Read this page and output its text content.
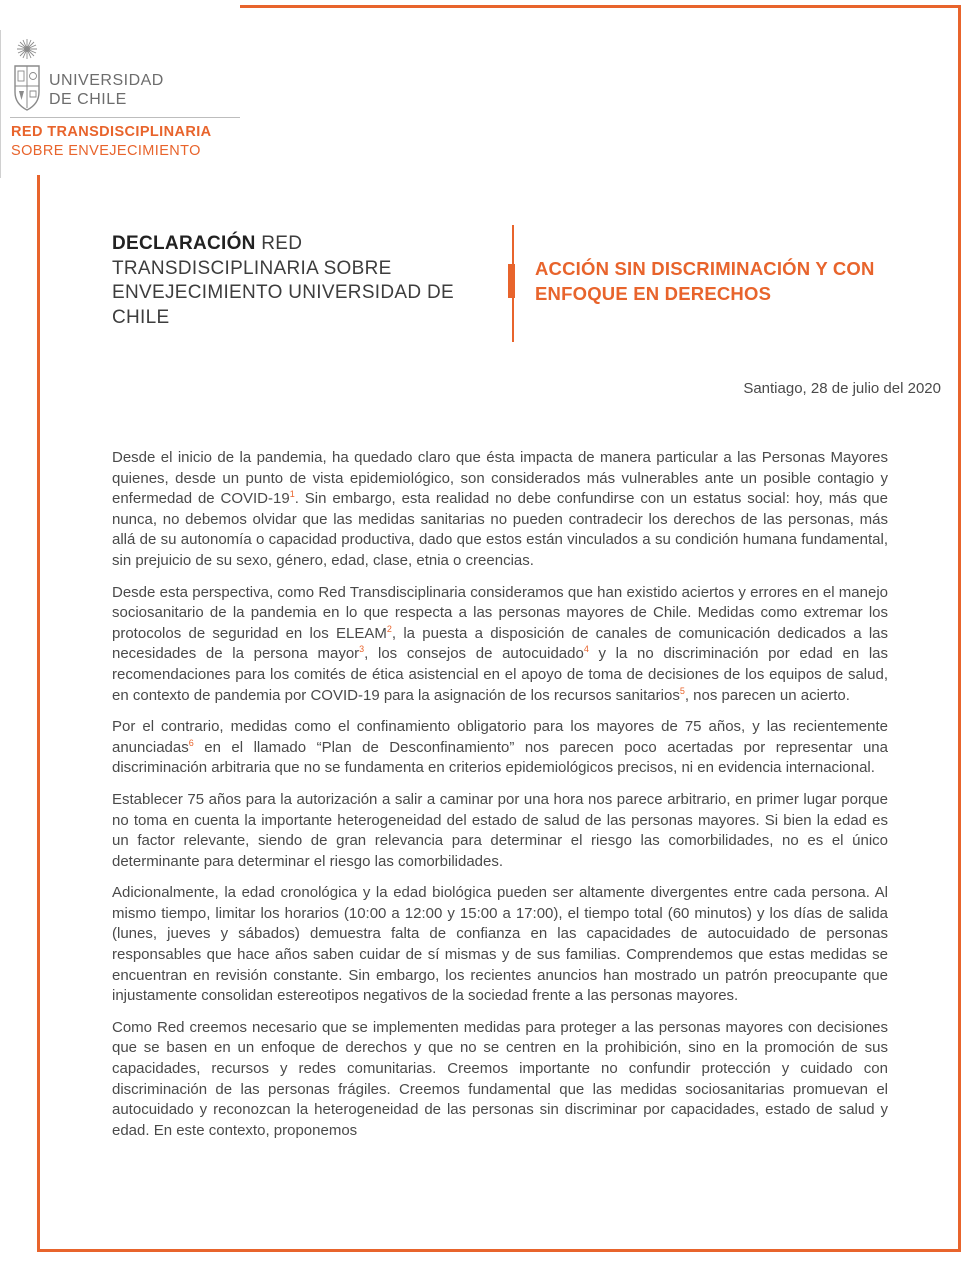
UNIVERSIDAD
DE CHILE
RED TRANSDISCIPLINARIA
SOBRE ENVEJECIMIENTO
DECLARACIÓN RED TRANSDISCIPLINARIA SOBRE ENVEJECIMIENTO UNIVERSIDAD DE CHILE
ACCIÓN SIN DISCRIMINACIÓN Y CON ENFOQUE EN DERECHOS
Santiago, 28 de julio del 2020

Desde el inicio de la pandemia, ha quedado claro que ésta impacta de manera particular a las Personas Mayores quienes, desde un punto de vista epidemiológico, son considerados más vulnerables ante un posible contagio y enfermedad de COVID-$19^1$. Sin embargo, esta realidad no debe confundirse con un estatus social: hoy, más que nunca, no debemos olvidar que las medidas sanitarias no pueden contradecir los derechos de las personas, más allá de su autonomía o capacidad productiva, dado que estos están vinculados a su condición humana fundamental, sin prejuicio de su sexo, género, edad, clase, etnia o creencias.

Desde esta perspectiva, como Red Transdisciplinaria consideramos que han existido aciertos y errores en el manejo sociosanitario de la pandemia en lo que respecta a las personas mayores de Chile. Medidas como extremar los protocolos de seguridad en los ELEAM$^2$, la puesta a disposición de canales de comunicación dedicados a las necesidades de la persona mayor$^3$, los consejos de autocuidado$^4$ y la no discriminación por edad en las recomendaciones para los comités de ética asistencial en el apoyo de toma de decisiones de los equipos de salud, en contexto de pandemia por COVID-19 para la asignación de los recursos sanitarios$^5$, nos parecen un acierto.

Por el contrario, medidas como el confinamiento obligatorio para los mayores de 75 años, y las recientemente anunciadas$^6$ en el llamado “Plan de Desconfinamiento” nos parecen poco acertadas por representar una discriminación arbitraria que no se fundamenta en criterios epidemiológicos precisos, ni en evidencia internacional.

Establecer 75 años para la autorización a salir a caminar por una hora nos parece arbitrario, en primer lugar porque no toma en cuenta la importante heterogeneidad del estado de salud de las personas mayores. Si bien la edad es un factor relevante, siendo de gran relevancia para determinar el riesgo las comorbilidades, no es el único determinante para determinar el riesgo las comorbilidades.

Adicionalmente, la edad cronológica y la edad biológica pueden ser altamente divergentes entre cada persona. Al mismo tiempo, limitar los horarios (10:00 a 12:00 y 15:00 a 17:00), el tiempo total (60 minutos) y los días de salida (lunes, jueves y sábados) demuestra falta de confianza en las capacidades de autocuidado de personas responsables que hace años saben cuidar de sí mismas y de sus familias. Comprendemos que estas medidas se encuentran en revisión constante. Sin embargo, los recientes anuncios han mostrado un patrón preocupante que injustamente consolidan estereotipos negativos de la sociedad frente a las personas mayores.

Como Red creemos necesario que se implementen medidas para proteger a las personas mayores con decisiones que se basen en un enfoque de derechos y que no se centren en la prohibición, sino en la promoción de sus capacidades, recursos y redes comunitarias. Creemos importante no confundir protección y cuidado con discriminación de las personas frágiles. Creemos fundamental que las medidas sociosanitarias promuevan el autocuidado y reconozcan la heterogeneidad de las personas sin discriminar por capacidades, estado de salud y edad. En este contexto, proponemos
